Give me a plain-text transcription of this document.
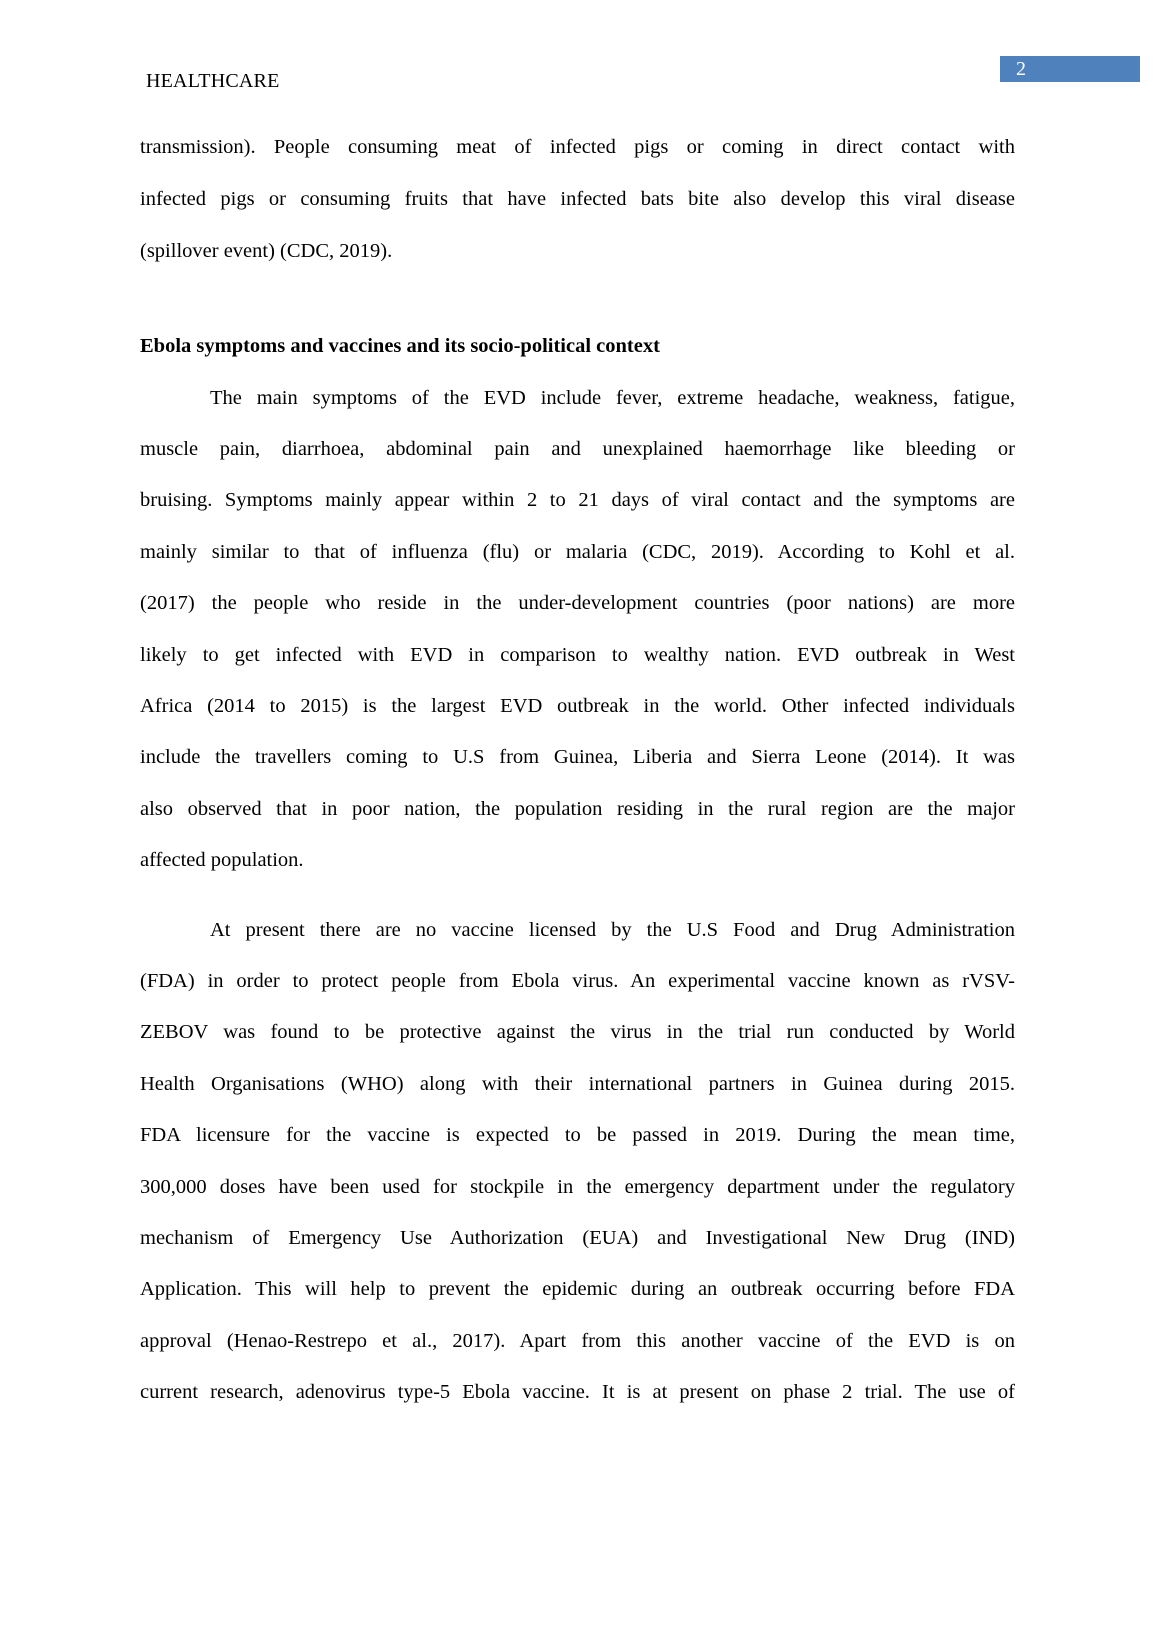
HEALTHCARE
2
transmission). People consuming meat of infected pigs or coming in direct contact with
infected pigs or consuming fruits that have infected bats bite also develop this viral disease
(spillover event) (CDC, 2019).
Ebola symptoms and vaccines and its socio-political context
The main symptoms of the EVD include fever, extreme headache, weakness, fatigue,
muscle pain, diarrhoea, abdominal pain and unexplained haemorrhage like bleeding or
bruising. Symptoms mainly appear within 2 to 21 days of viral contact and the symptoms are
mainly similar to that of influenza (flu) or malaria (CDC, 2019). According to Kohl et al.
(2017) the people who reside in the under-development countries (poor nations) are more
likely to get infected with EVD in comparison to wealthy nation. EVD outbreak in West
Africa (2014 to 2015) is the largest EVD outbreak in the world. Other infected individuals
include the travellers coming to U.S from Guinea, Liberia and Sierra Leone (2014). It was
also observed that in poor nation, the population residing in the rural region are the major
affected population.
At present there are no vaccine licensed by the U.S Food and Drug Administration
(FDA) in order to protect people from Ebola virus. An experimental vaccine known as rVSV-
ZEBOV was found to be protective against the virus in the trial run conducted by World
Health Organisations (WHO) along with their international partners in Guinea during 2015.
FDA licensure for the vaccine is expected to be passed in 2019. During the mean time,
300,000 doses have been used for stockpile in the emergency department under the regulatory
mechanism of Emergency Use Authorization (EUA) and Investigational New Drug (IND)
Application. This will help to prevent the epidemic during an outbreak occurring before FDA
approval (Henao-Restrepo et al., 2017). Apart from this another vaccine of the EVD is on
current research, adenovirus type-5 Ebola vaccine. It is at present on phase 2 trial. The use of
